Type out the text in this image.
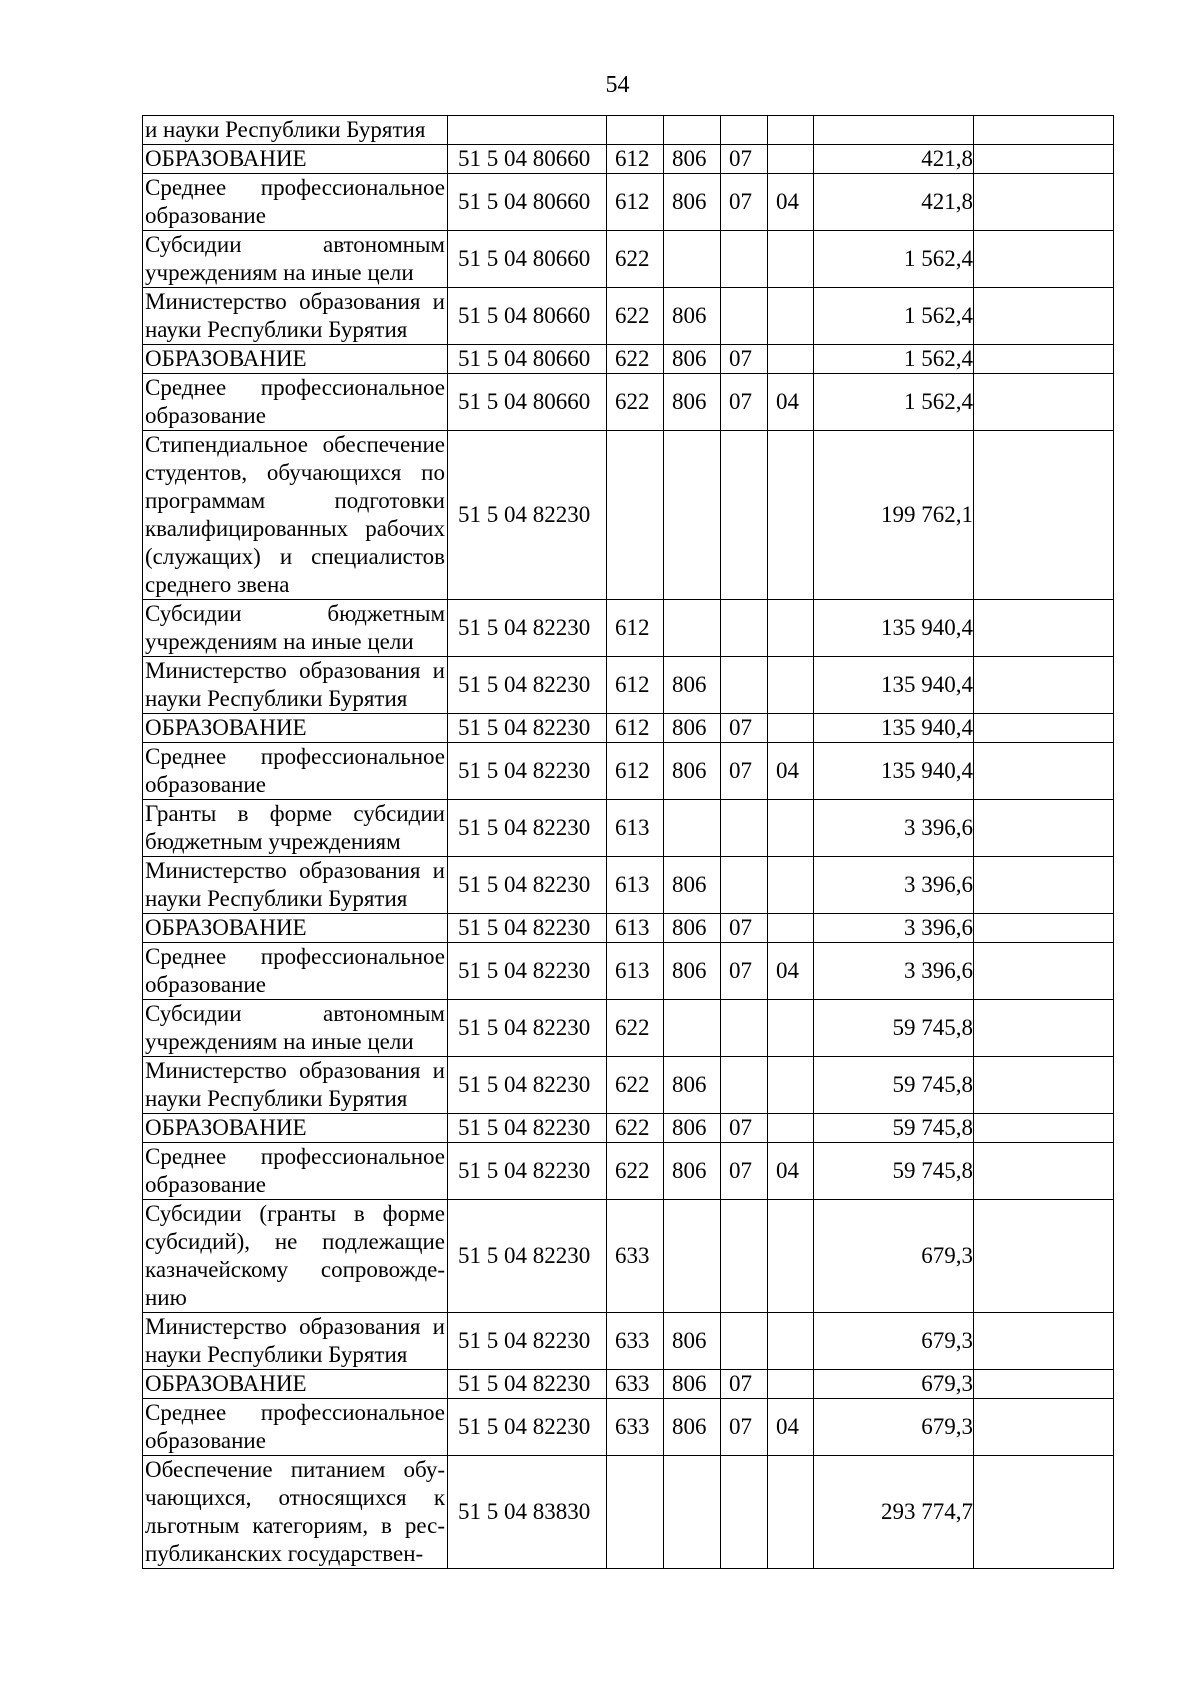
54
и науки Республики Бурятия							
ОБРАЗОВАНИЕ	51 5 04 80660	612	806	07		421,8	
Среднее профессиональное образование	51 5 04 80660	612	806	07	04	421,8	
Субсидии автономным учреждениям на иные цели	51 5 04 80660	622				1 562,4	
Министерство образования и науки Республики Бурятия	51 5 04 80660	622	806			1 562,4	
ОБРАЗОВАНИЕ	51 5 04 80660	622	806	07		1 562,4	
Среднее профессиональное образование	51 5 04 80660	622	806	07	04	1 562,4	
Стипендиальное обеспечение студентов, обучающихся по программам подготовки квалифицированных рабочих (служащих) и специалистов среднего звена	51 5 04 82230					199 762,1	
Субсидии бюджетным учреждениям на иные цели	51 5 04 82230	612				135 940,4	
Министерство образования и науки Республики Бурятия	51 5 04 82230	612	806			135 940,4	
ОБРАЗОВАНИЕ	51 5 04 82230	612	806	07		135 940,4	
Среднее профессиональное образование	51 5 04 82230	612	806	07	04	135 940,4	
Гранты в форме субсидии бюджетным учреждениям	51 5 04 82230	613				3 396,6	
Министерство образования и науки Республики Бурятия	51 5 04 82230	613	806			3 396,6	
ОБРАЗОВАНИЕ	51 5 04 82230	613	806	07		3 396,6	
Среднее профессиональное образование	51 5 04 82230	613	806	07	04	3 396,6	
Субсидии автономным учреждениям на иные цели	51 5 04 82230	622				59 745,8	
Министерство образования и науки Республики Бурятия	51 5 04 82230	622	806			59 745,8	
ОБРАЗОВАНИЕ	51 5 04 82230	622	806	07		59 745,8	
Среднее профессиональное образование	51 5 04 82230	622	806	07	04	59 745,8	
Субсидии (гранты в форме субсидий), не подлежащие казначейскому сопровождению	51 5 04 82230	633				679,3	
Министерство образования и науки Республики Бурятия	51 5 04 82230	633	806			679,3	
ОБРАЗОВАНИЕ	51 5 04 82230	633	806	07		679,3	
Среднее профессиональное образование	51 5 04 82230	633	806	07	04	679,3	
Обеспечение питанием обучающихся, относящихся к льготным категориям, в республиканских государствен-	51 5 04 83830					293 774,7	
